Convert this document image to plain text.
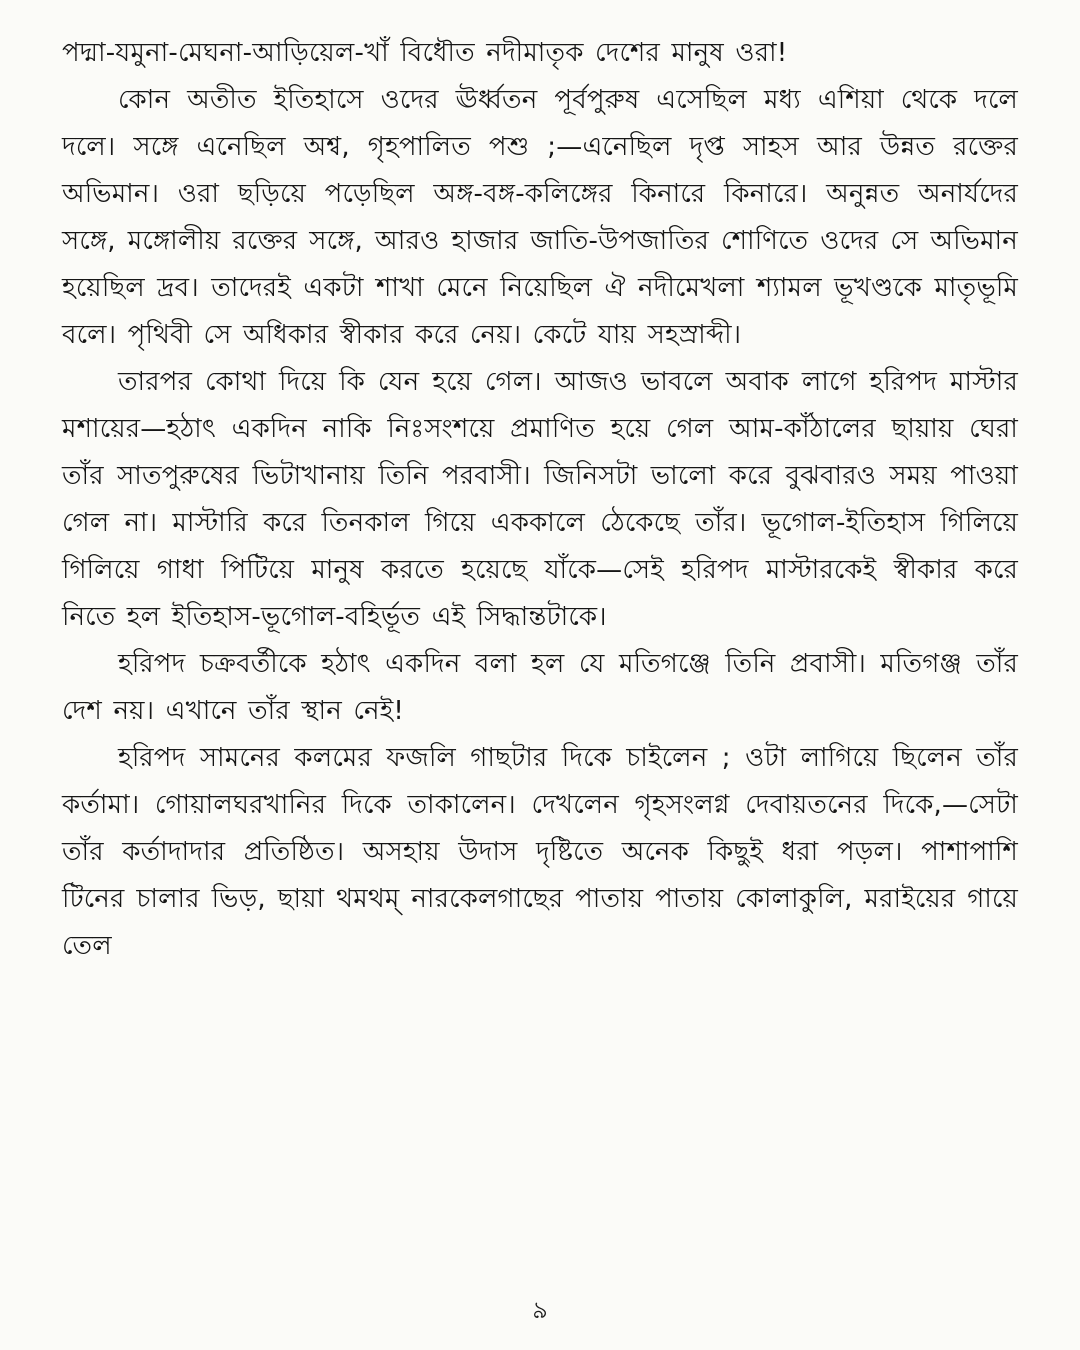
পদ্মা-যমুনা-মেঘনা-আড়িয়েল-খাঁ বিধৌত নদীমাতৃক দেশের মানুষ ওরা!

কোন অতীত ইতিহাসে ওদের ঊর্ধ্বতন পূর্বপুরুষ এসেছিল মধ্য এশিয়া থেকে দলে দলে। সঙ্গে এনেছিল অশ্ব, গৃহপালিত পশু ;—এনেছিল দৃপ্ত সাহস আর উন্নত রক্তের অভিমান। ওরা ছড়িয়ে পড়েছিল অঙ্গ-বঙ্গ-কলিঙ্গের কিনারে কিনারে। অনুন্নত অনার্যদের সঙ্গে, মঙ্গোলীয় রক্তের সঙ্গে, আরও হাজার জাতি-উপজাতির শোণিতে ওদের সে অভিমান হয়েছিল দ্রব। তাদেরই একটা শাখা মেনে নিয়েছিল ঐ নদীমেখলা শ্যামল ভূখণ্ডকে মাতৃভূমি বলে। পৃথিবী সে অধিকার স্বীকার করে নেয়। কেটে যায় সহস্রাব্দী।

তারপর কোথা দিয়ে কি যেন হয়ে গেল। আজও ভাবলে অবাক লাগে হরিপদ মাস্টার মশায়ের—হঠাৎ একদিন নাকি নিঃসংশয়ে প্রমাণিত হয়ে গেল আম-কাঁঠালের ছায়ায় ঘেরা তাঁর সাতপুরুষের ভিটাখানায় তিনি পরবাসী। জিনিসটা ভালো করে বুঝবারও সময় পাওয়া গেল না। মাস্টারি করে তিনকাল গিয়ে এককালে ঠেকেছে তাঁর। ভূগোল-ইতিহাস গিলিয়ে গিলিয়ে গাধা পিটিয়ে মানুষ করতে হয়েছে যাঁকে—সেই হরিপদ মাস্টারকেই স্বীকার করে নিতে হল ইতিহাস-ভূগোল-বহির্ভূত এই সিদ্ধান্তটাকে।

হরিপদ চক্রবর্তীকে হঠাৎ একদিন বলা হল যে মতিগঞ্জে তিনি প্রবাসী। মতিগঞ্জ তাঁর দেশ নয়। এখানে তাঁর স্থান নেই!

হরিপদ সামনের কলমের ফজলি গাছটার দিকে চাইলেন ; ওটা লাগিয়ে ছিলেন তাঁর কর্তামা। গোয়ালঘরখানির দিকে তাকালেন। দেখলেন গৃহসংলগ্ন দেবায়তনের দিকে,—সেটা তাঁর কর্তাদাদার প্রতিষ্ঠিত। অসহায় উদাস দৃষ্টিতে অনেক কিছুই ধরা পড়ল। পাশাপাশি টিনের চালার ভিড়, ছায়া থমথম্ নারকেলগাছের পাতায় পাতায় কোলাকুলি, মরাইয়ের গায়ে তেল

৯
